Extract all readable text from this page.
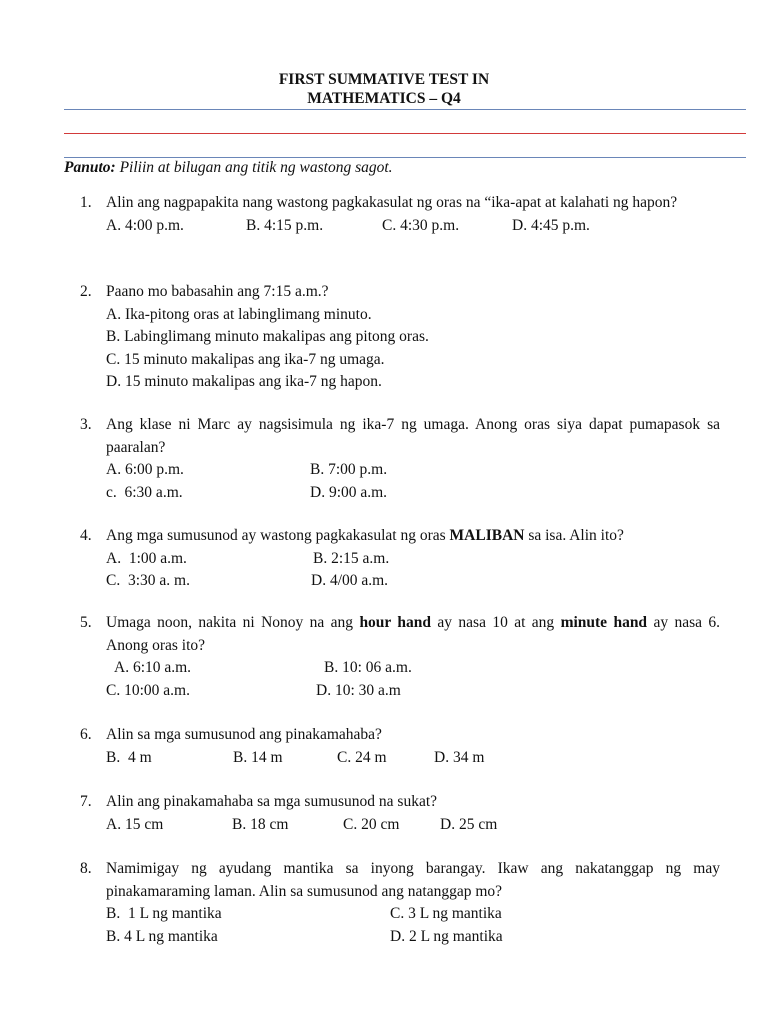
FIRST SUMMATIVE TEST IN
MATHEMATICS – Q4
Panuto: Piliin at bilugan ang titik ng wastong sagot.
1. Alin ang nagpapakita nang wastong pagkakasulat ng oras na “ika-apat at kalahati ng hapon?
A. 4:00 p.m.	B. 4:15 p.m.	C. 4:30 p.m.	D. 4:45 p.m.
2. Paano mo babasahin ang 7:15 a.m.?
A. Ika-pitong oras at labinglimang minuto.
B. Labinglimang minuto makalipas ang pitong oras.
C. 15 minuto makalipas ang ika-7 ng umaga.
D. 15 minuto makalipas ang ika-7 ng hapon.
3. Ang klase ni Marc ay nagsisimula ng ika-7 ng umaga. Anong oras siya dapat pumapasok sa paaralan?
A. 6:00 p.m.	B. 7:00 p.m.
c.  6:30 a.m.	D. 9:00 a.m.
4. Ang mga sumusunod ay wastong pagkakasulat ng oras MALIBAN sa isa. Alin ito?
A.  1:00 a.m.	B. 2:15 a.m.
C.  3:30 a. m.	D. 4/00 a.m.
5. Umaga noon, nakita ni Nonoy na ang hour hand ay nasa 10 at ang minute hand ay nasa 6. Anong oras ito?
A. 6:10 a.m.	B. 10: 06 a.m.
C. 10:00 a.m.	D. 10: 30 a.m
6. Alin sa mga sumusunod ang pinakamahaba?
B.  4 m	B. 14 m	C. 24 m	D. 34 m
7. Alin ang pinakamahaba sa mga sumusunod na sukat?
A. 15 cm	B. 18 cm	C. 20 cm	D. 25 cm
8. Namimigay ng ayudang mantika sa inyong barangay. Ikaw ang nakatanggap ng may pinakamaraming laman. Alin sa sumusunod ang natanggap mo?
B.  1 L ng mantika	C. 3 L ng mantika
B. 4 L ng mantika	D. 2 L ng mantika
